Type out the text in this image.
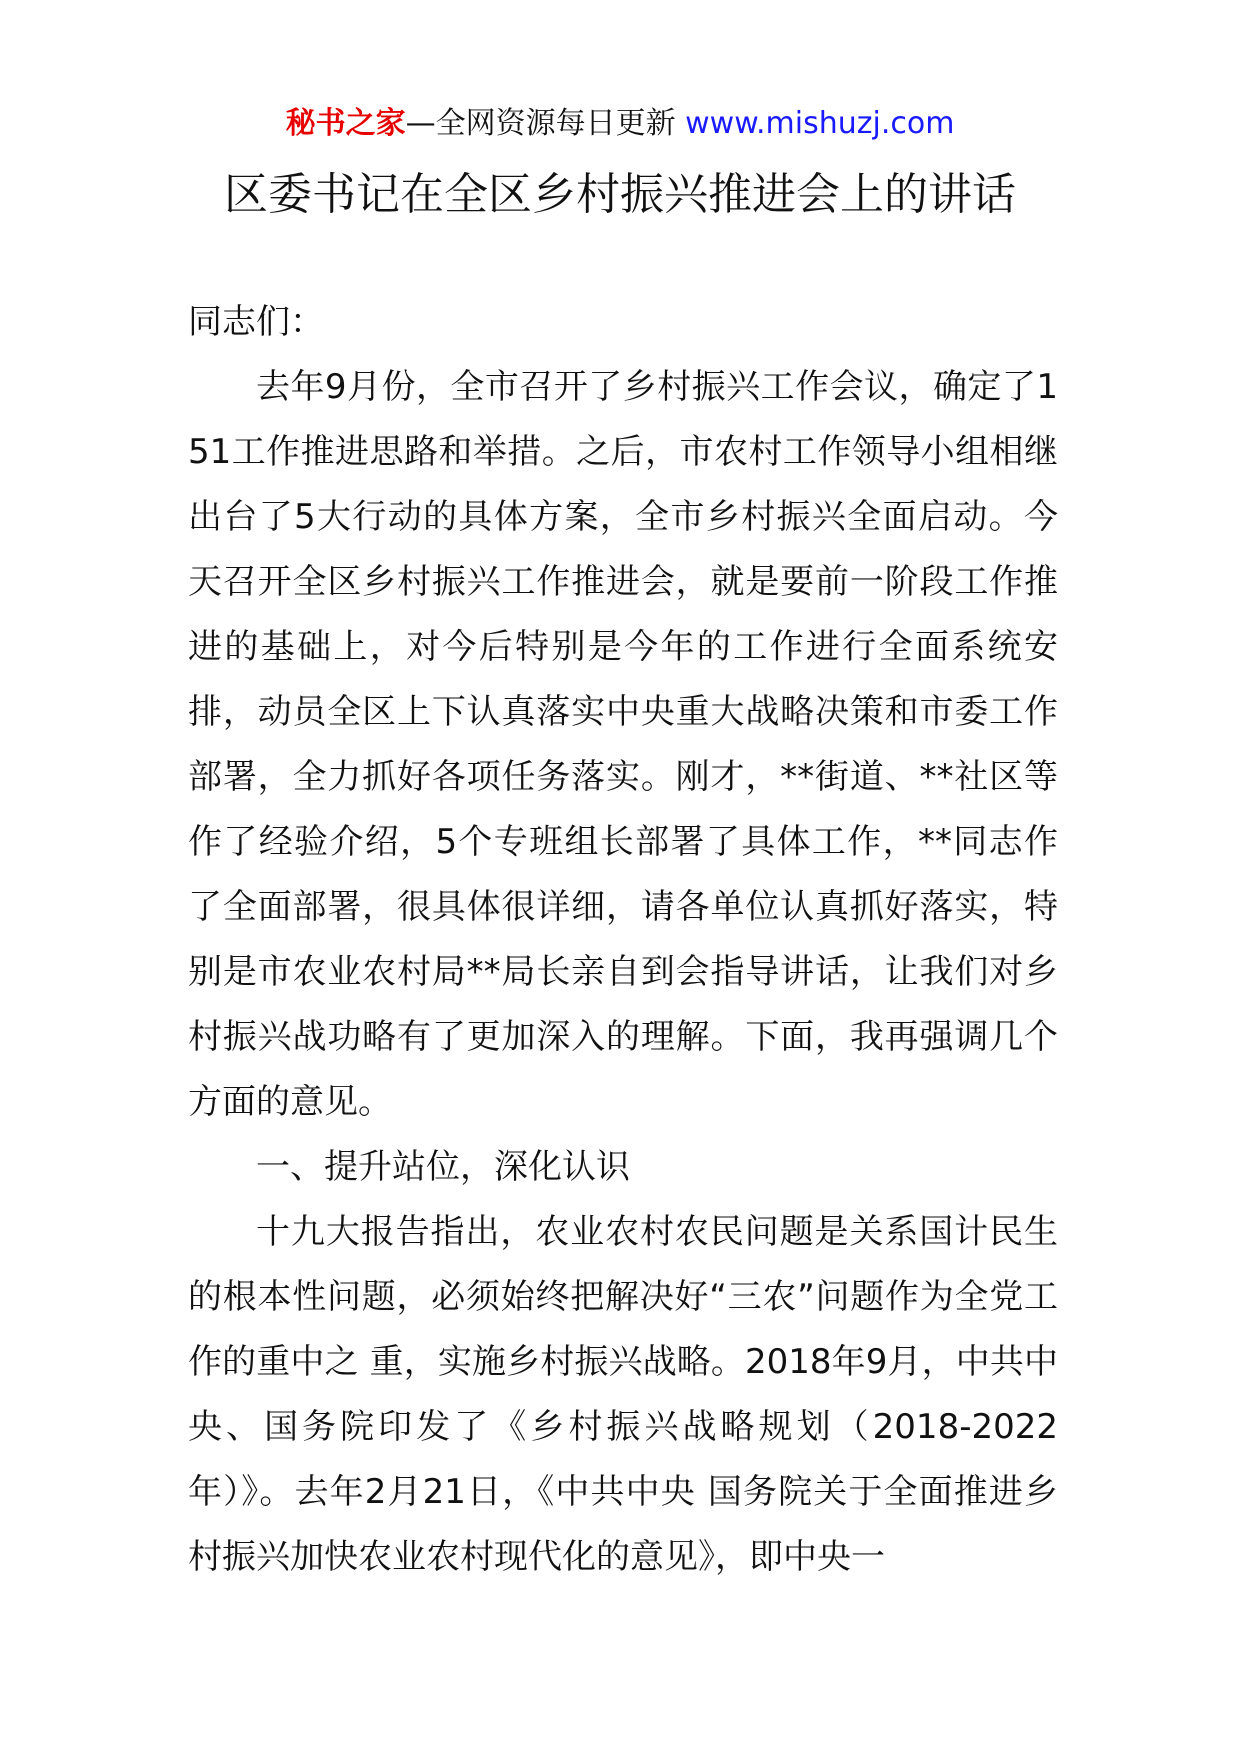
秘书之家—全网资源每日更新 www.mishuzj.com
区委书记在全区乡村振兴推进会上的讲话

同志们：

去年9月份，全市召开了乡村振兴工作会议，确定了151工作推进思路和举措。之后，市农村工作领导小组相继出台了5大行动的具体方案，全市乡村振兴全面启动。今天召开全区乡村振兴工作推进会，就是要前一阶段工作推进的基础上，对今后特别是今年的工作进行全面系统安排，动员全区上下认真落实中央重大战略决策和市委工作部署，全力抓好各项任务落实。刚才，**街道、**社区等作了经验介绍，5个专班组长部署了具体工作，**同志作了全面部署，很具体很详细，请各单位认真抓好落实，特别是市农业农村局**局长亲自到会指导讲话，让我们对乡村振兴战功略有了更加深入的理解。下面，我再强调几个方面的意见。

一、提升站位，深化认识

十九大报告指出，农业农村农民问题是关系国计民生的根本性问题，必须始终把解决好“三农”问题作为全党工作的重中之 重，实施乡村振兴战略。2018年9月，中共中央、国务院印发了《乡村振兴战略规划（2018-2022年）》。去年2月21日，《中共中央 国务院关于全面推进乡村振兴加快农业农村现代化的意见》，即中央一
